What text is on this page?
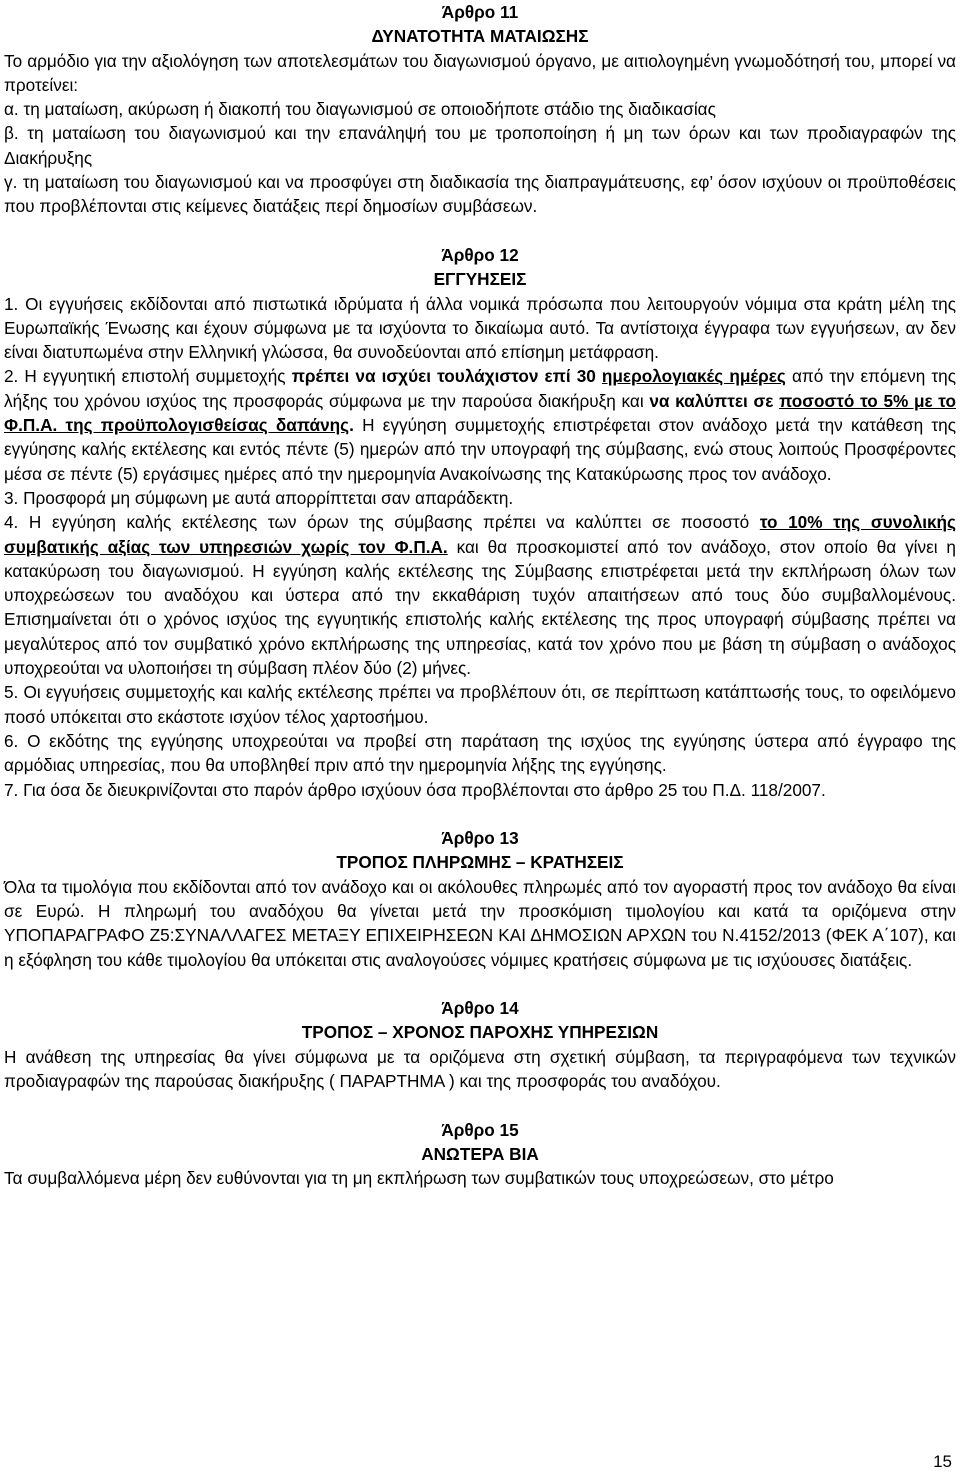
Άρθρο 11

ΔΥΝΑΤΟΤΗΤΑ ΜΑΤΑΙΩΣΗΣ

Το αρμόδιο για την αξιολόγηση των αποτελεσμάτων του διαγωνισμού όργανο, με αιτιολογημένη γνωμοδότησή του, μπορεί να προτείνει:

α. τη ματαίωση, ακύρωση ή διακοπή του διαγωνισμού σε οποιοδήποτε στάδιο της διαδικασίας

β. τη ματαίωση του διαγωνισμού και την επανάληψή του με τροποποίηση ή μη των όρων και των προδιαγραφών της Διακήρυξης

γ. τη ματαίωση του διαγωνισμού και να προσφύγει στη διαδικασία της διαπραγμάτευσης, εφ’ όσον ισχύουν οι προϋποθέσεις που προβλέπονται στις κείμενες διατάξεις περί δημοσίων συμβάσεων.

Άρθρο 12

ΕΓΓΥΗΣΕΙΣ

1. Οι εγγυήσεις εκδίδονται από πιστωτικά ιδρύματα ή άλλα νομικά πρόσωπα που λειτουργούν νόμιμα στα κράτη μέλη της Ευρωπαϊκής Ένωσης και έχουν σύμφωνα με τα ισχύοντα το δικαίωμα αυτό. Τα αντίστοιχα έγγραφα των εγγυήσεων, αν δεν είναι διατυπωμένα στην Ελληνική γλώσσα, θα συνοδεύονται από επίσημη μετάφραση.

2. Η εγγυητική επιστολή συμμετοχής πρέπει να ισχύει τουλάχιστον επί 30 ημερολογιακές ημέρες από την επόμενη της λήξης του χρόνου ισχύος της προσφοράς σύμφωνα με την παρούσα διακήρυξη και να καλύπτει σε ποσοστό το 5% με το Φ.Π.Α. της προϋπολογισθείσας δαπάνης. Η εγγύηση συμμετοχής επιστρέφεται στον ανάδοχο μετά την κατάθεση της εγγύησης καλής εκτέλεσης και εντός πέντε (5) ημερών από την υπογραφή της σύμβασης, ενώ στους λοιπούς Προσφέροντες μέσα σε πέντε (5) εργάσιμες ημέρες από την ημερομηνία Ανακοίνωσης της Κατακύρωσης προς τον ανάδοχο.

3. Προσφορά μη σύμφωνη με αυτά απορρίπτεται σαν απαράδεκτη.

4. Η εγγύηση καλής εκτέλεσης των όρων της σύμβασης πρέπει να καλύπτει σε ποσοστό το 10% της συνολικής συμβατικής αξίας των υπηρεσιών χωρίς τον Φ.Π.Α. και θα προσκομιστεί από τον ανάδοχο, στον οποίο θα γίνει η κατακύρωση του διαγωνισμού. Η εγγύηση καλής εκτέλεσης της Σύμβασης επιστρέφεται μετά την εκπλήρωση όλων των υποχρεώσεων του αναδόχου και ύστερα από την εκκαθάριση τυχόν απαιτήσεων από τους δύο συμβαλλομένους. Επισημαίνεται ότι ο χρόνος ισχύος της εγγυητικής επιστολής καλής εκτέλεσης της προς υπογραφή σύμβασης πρέπει να μεγαλύτερος από τον συμβατικό χρόνο εκπλήρωσης της υπηρεσίας, κατά τον χρόνο που με βάση τη σύμβαση ο ανάδοχος υποχρεούται να υλοποιήσει τη σύμβαση πλέον δύο (2) μήνες.

5. Οι εγγυήσεις συμμετοχής και καλής εκτέλεσης πρέπει να προβλέπουν ότι, σε περίπτωση κατάπτωσής τους, το οφειλόμενο ποσό υπόκειται στο εκάστοτε ισχύον τέλος χαρτοσήμου.

6. Ο εκδότης της εγγύησης υποχρεούται να προβεί στη παράταση της ισχύος της εγγύησης ύστερα από έγγραφο της αρμόδιας υπηρεσίας, που θα υποβληθεί πριν από την ημερομηνία λήξης της εγγύησης.

7. Για όσα δε διευκρινίζονται στο παρόν άρθρο ισχύουν όσα προβλέπονται στο άρθρο 25 του Π.Δ. 118/2007.

Άρθρο 13

ΤΡΟΠΟΣ ΠΛΗΡΩΜΗΣ – ΚΡΑΤΗΣΕΙΣ

Όλα τα τιμολόγια που εκδίδονται από τον ανάδοχο και οι ακόλουθες πληρωμές από τον αγοραστή προς τον ανάδοχο θα είναι σε Ευρώ. Η πληρωμή του αναδόχου θα γίνεται μετά την προσκόμιση τιμολογίου και κατά τα οριζόμενα στην ΥΠΟΠΑΡΑΓΡΑΦΟ Ζ5:ΣΥΝΑΛΛΑΓΕΣ ΜΕΤΑΞΥ ΕΠΙΧΕΙΡΗΣΕΩΝ ΚΑΙ ΔΗΜΟΣΙΩΝ ΑΡΧΩΝ του Ν.4152/2013 (ΦΕΚ Α΄107), και η εξόφληση του κάθε τιμολογίου θα υπόκειται στις αναλογούσες νόμιμες κρατήσεις σύμφωνα με τις ισχύουσες διατάξεις.

Άρθρο 14

ΤΡΟΠΟΣ – ΧΡΟΝΟΣ ΠΑΡΟΧΗΣ ΥΠΗΡΕΣΙΩΝ

Η ανάθεση της υπηρεσίας θα γίνει σύμφωνα με τα οριζόμενα στη σχετική σύμβαση, τα περιγραφόμενα των τεχνικών προδιαγραφών της παρούσας διακήρυξης ( ΠΑΡΑΡΤΗΜΑ ) και της προσφοράς του αναδόχου.

Άρθρο 15

ΑΝΩΤΕΡΑ ΒΙΑ

Τα συμβαλλόμενα μέρη δεν ευθύνονται για τη μη εκπλήρωση των συμβατικών τους υποχρεώσεων, στο μέτρο

15
